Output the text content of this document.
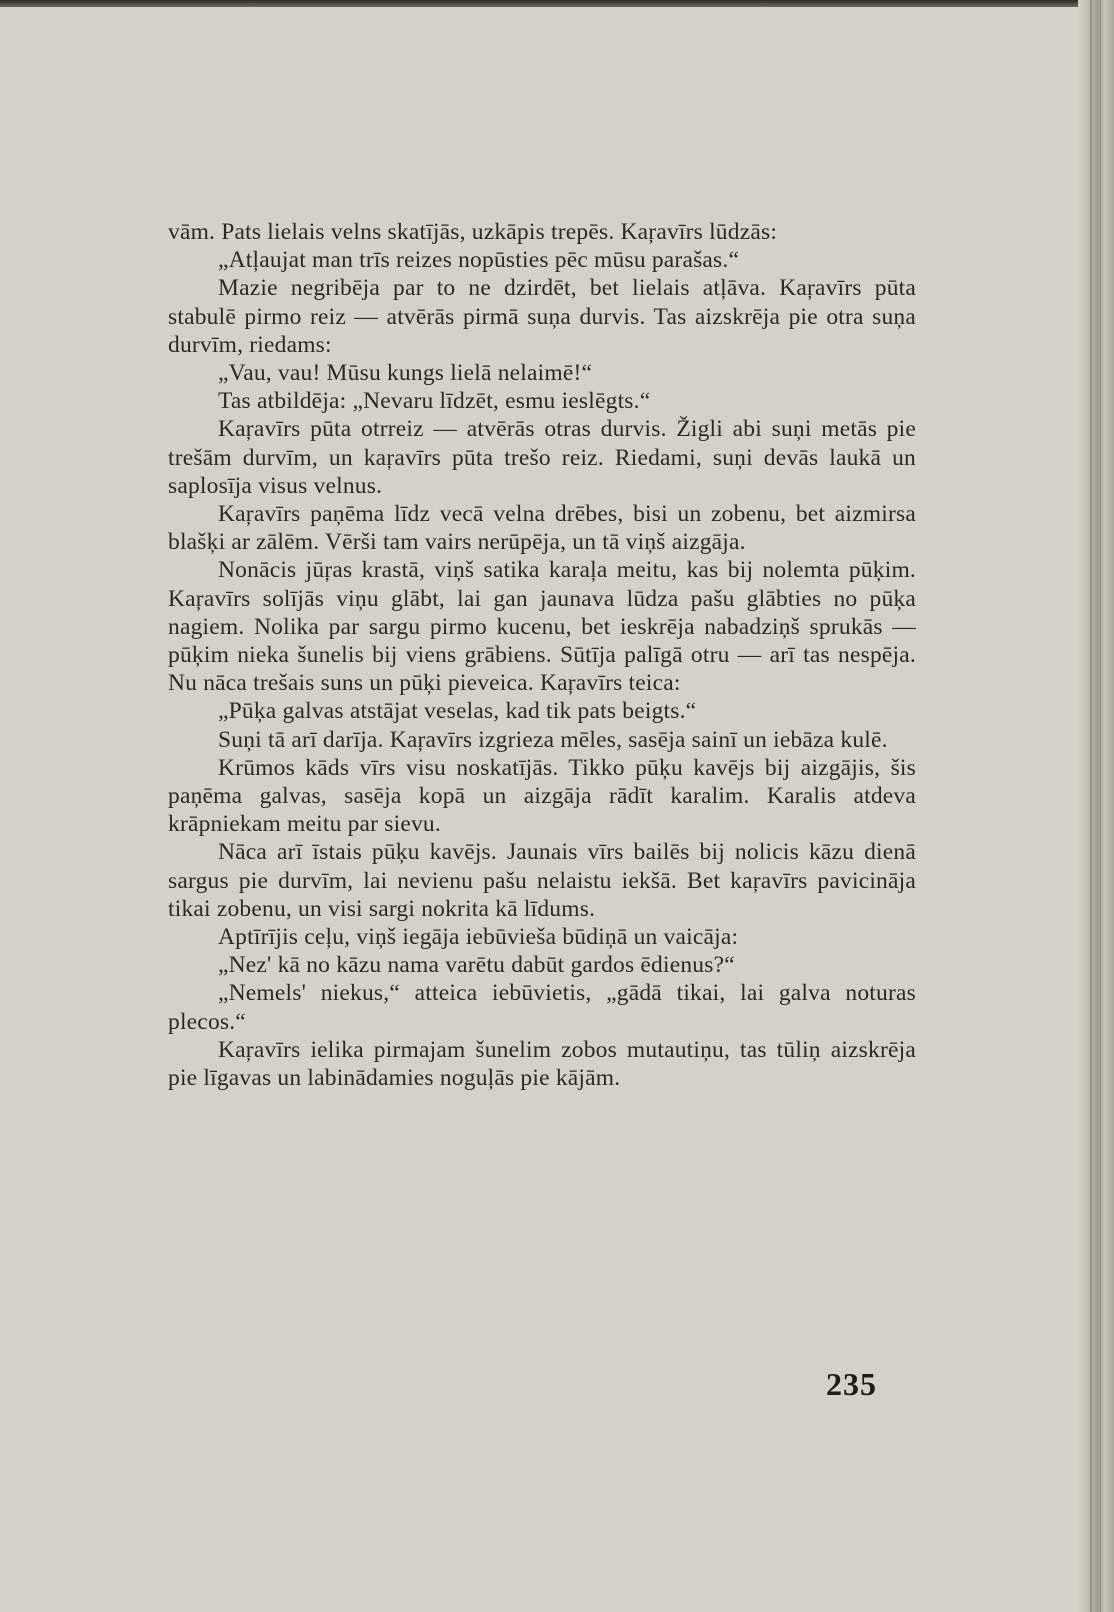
vām. Pats lielais velns skatījās, uzkāpis trepēs. Kaŗavīrs lūdzās:

„Atļaujat man trīs reizes nopūsties pēc mūsu parašas.“

Mazie negribēja par to ne dzirdēt, bet lielais atļāva. Kaŗavīrs pūta stabulē pirmo reiz — atvērās pirmā suņa durvis. Tas aizskrēja pie otra suņa durvīm, riedams:

„Vau, vau! Mūsu kungs lielā nelaimē!“

Tas atbildēja: „Nevaru līdzēt, esmu ieslēgts.“

Kaŗavīrs pūta otrreiz — atvērās otras durvis. Žigli abi suņi metās pie trešām durvīm, un kaŗavīrs pūta trešo reiz. Riedami, suņi devās laukā un saplosīja visus velnus.

Kaŗavīrs paņēma līdz vecā velna drēbes, bisi un zobenu, bet aizmirsa blašķi ar zālēm. Vērši tam vairs nerūpēja, un tā viņš aizgāja.

Nonācis jūŗas krastā, viņš satika karaļa meitu, kas bij nolemta pūķim. Kaŗavīrs solījās viņu glābt, lai gan jaunava lūdza pašu glābties no pūķa nagiem. Nolika par sargu pirmo kucenu, bet ieskrēja nabadziņš sprukās — pūķim nieka šunelis bij viens grābiens. Sūtīja palīgā otru — arī tas nespēja. Nu nāca trešais suns un pūķi pieveica. Kaŗavīrs teica:

„Pūķa galvas atstājat veselas, kad tik pats beigts.“

Suņi tā arī darīja. Kaŗavīrs izgrieza mēles, sasēja sainī un iebāza kulē.

Krūmos kāds vīrs visu noskatījās. Tikko pūķu kavējs bij aizgājis, šis paņēma galvas, sasēja kopā un aizgāja rādīt karalim. Karalis atdeva krāpniekam meitu par sievu.

Nāca arī īstais pūķu kavējs. Jaunais vīrs bailēs bij nolicis kāzu dienā sargus pie durvīm, lai nevienu pašu nelaistu iekšā. Bet kaŗavīrs pavicināja tikai zobenu, un visi sargi nokrita kā līdums.

Aptīrījis ceļu, viņš iegāja iebūvieša būdiņā un vaicāja:

„Nez' kā no kāzu nama varētu dabūt gardos ēdienus?“

„Nemels' niekus,“ atteica iebūvietis, „gādā tikai, lai galva noturas plecos.“

Kaŗavīrs ielika pirmajam šunelim zobos mutautiņu, tas tūliņ aizskrēja pie līgavas un labinādamies noguļās pie kājām.

235
